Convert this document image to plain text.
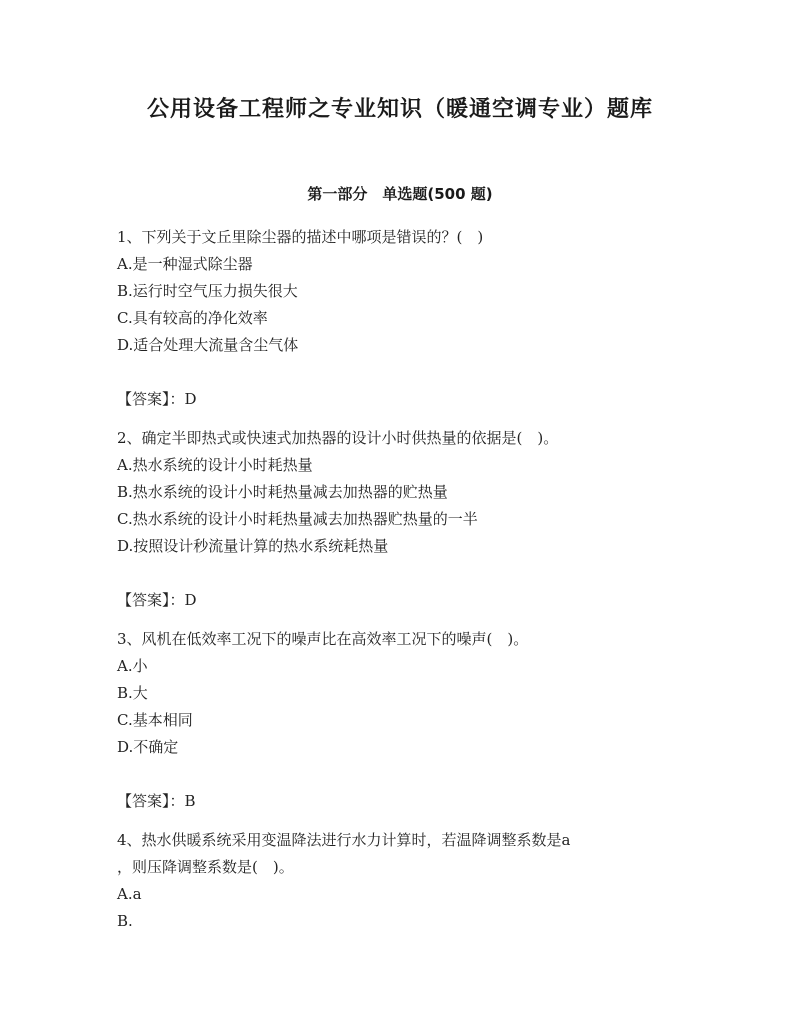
公用设备工程师之专业知识（暖通空调专业）题库
第一部分　单选题(500 题)

1、下列关于文丘里除尘器的描述中哪项是错误的？(　)

A.是一种湿式除尘器

B.运行时空气压力损失很大

C.具有较高的净化效率

D.适合处理大流量含尘气体

【答案】：D

2、确定半即热式或快速式加热器的设计小时供热量的依据是(　)。

A.热水系统的设计小时耗热量

B.热水系统的设计小时耗热量减去加热器的贮热量

C.热水系统的设计小时耗热量减去加热器贮热量的一半

D.按照设计秒流量计算的热水系统耗热量

【答案】：D

3、风机在低效率工况下的噪声比在高效率工况下的噪声(　)。

A.小

B.大

C.基本相同

D.不确定

【答案】：B

4、热水供暖系统采用变温降法进行水力计算时，若温降调整系数是a

，则压降调整系数是(　)。

A.a

B.
